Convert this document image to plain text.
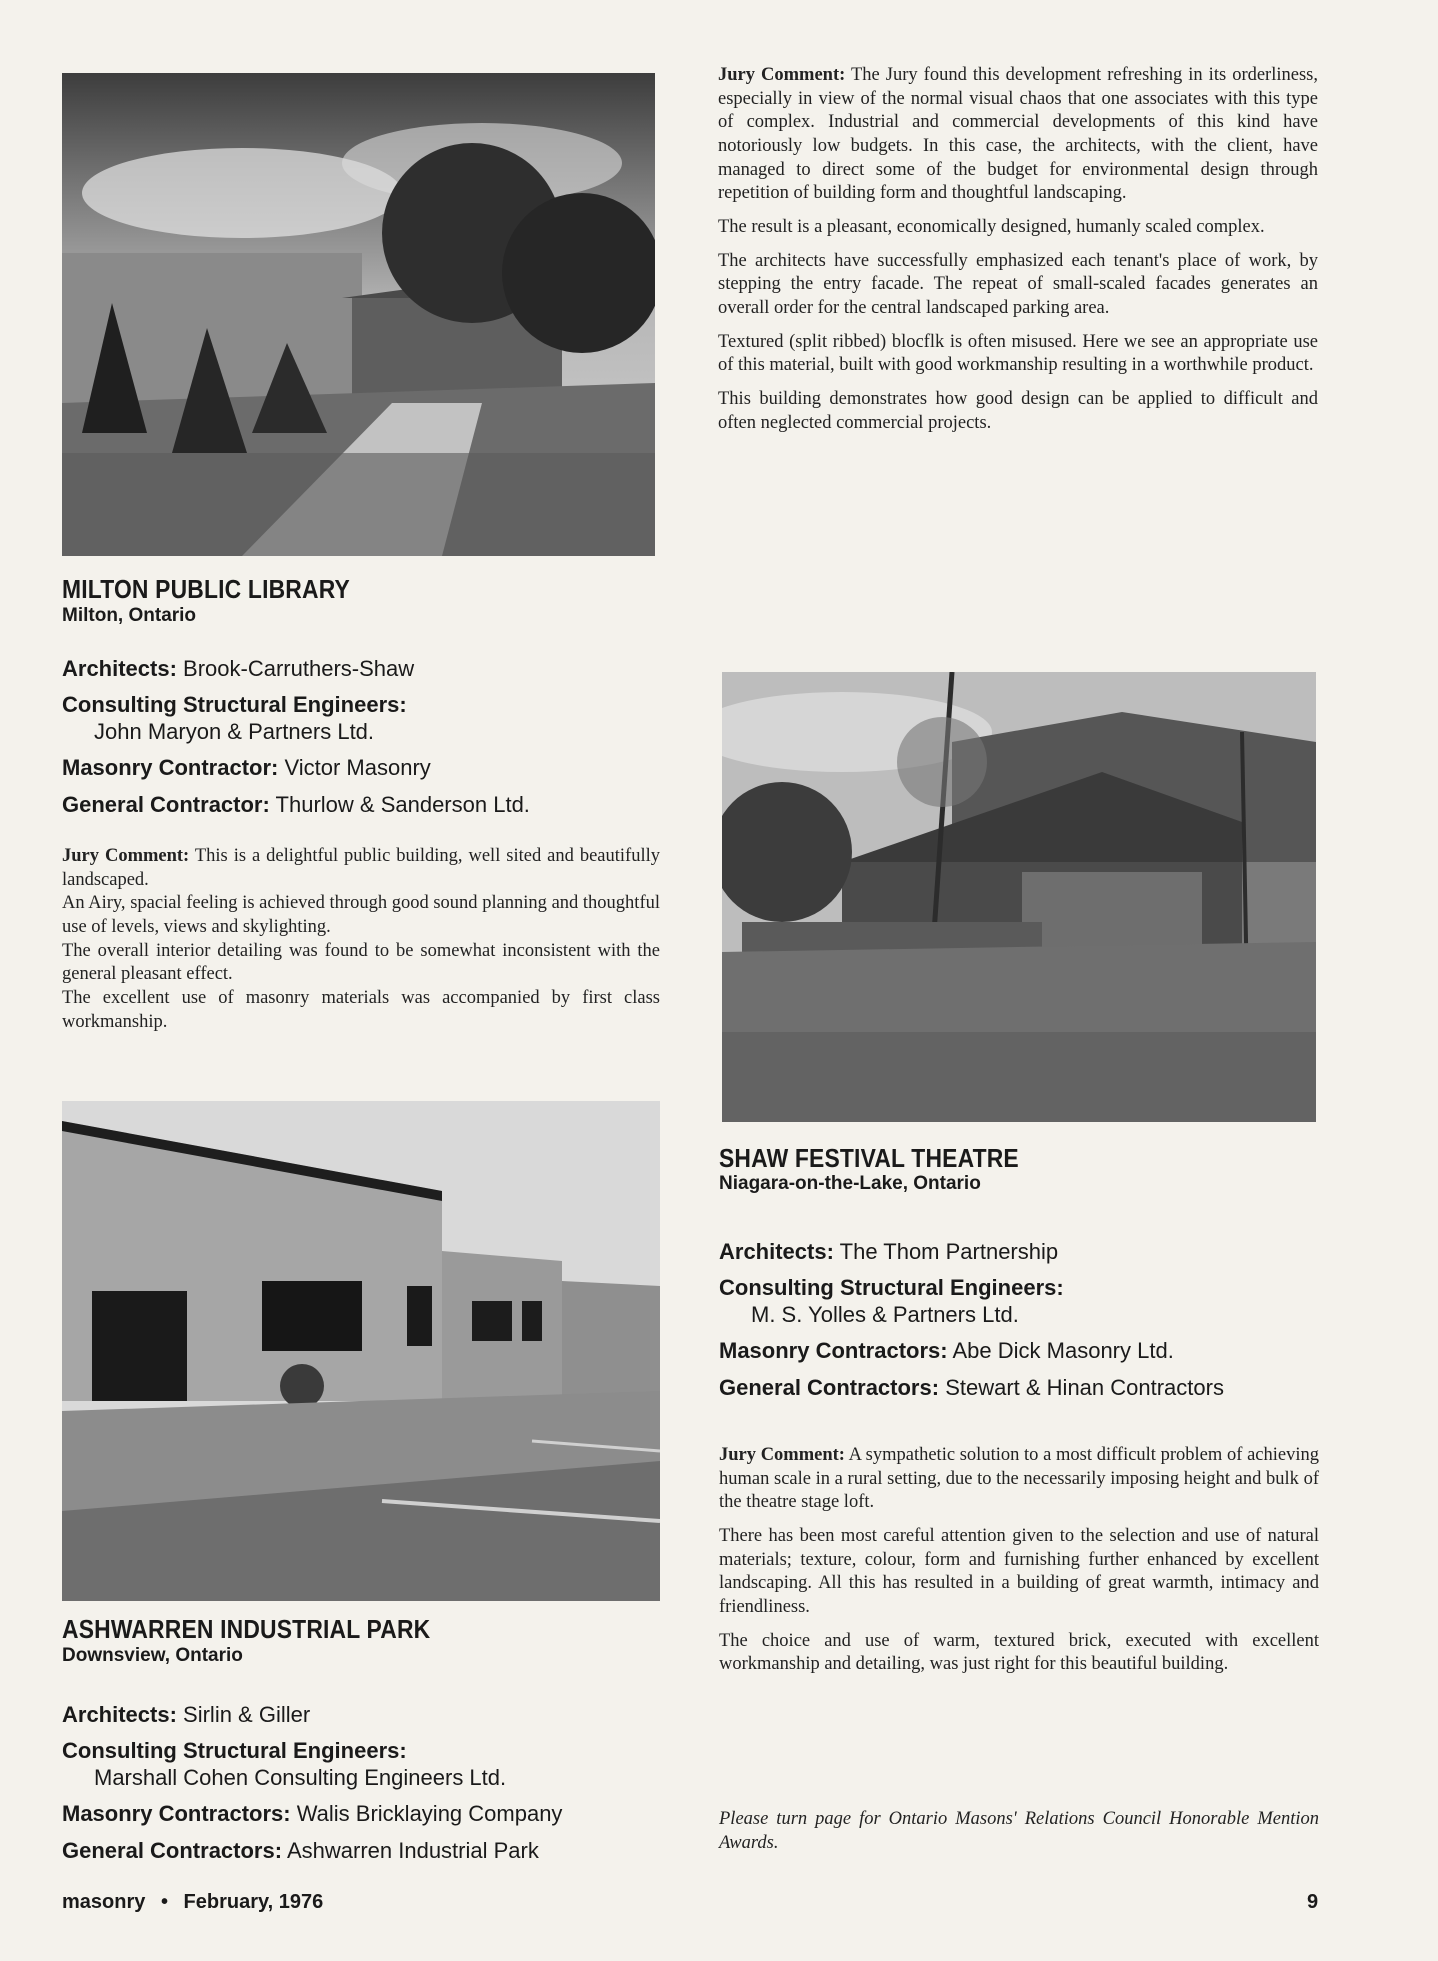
MILTON PUBLIC LIBRARY
Milton, Ontario
Architects: Brook-Carruthers-Shaw
Consulting Structural Engineers:
John Maryon & Partners Ltd.
Masonry Contractor: Victor Masonry
General Contractor: Thurlow & Sanderson Ltd.
Jury Comment: This is a delightful public building, well sited and beautifully landscaped.
An Airy, spacial feeling is achieved through good sound planning and thoughtful use of levels, views and skylighting.
The overall interior detailing was found to be somewhat inconsistent with the general pleasant effect.
The excellent use of masonry materials was accompanied by first class workmanship.
ASHWARREN INDUSTRIAL PARK
Downsview, Ontario
Architects: Sirlin & Giller
Consulting Structural Engineers:
Marshall Cohen Consulting Engineers Ltd.
Masonry Contractors: Walis Bricklaying Company
General Contractors: Ashwarren Industrial Park

Jury Comment: The Jury found this development refreshing in its orderliness, especially in view of the normal visual chaos that one associates with this type of complex. Industrial and commercial developments of this kind have notoriously low budgets. In this case, the architects, with the client, have managed to direct some of the budget for environmental design through repetition of building form and thoughtful landscaping.

The result is a pleasant, economically designed, humanly scaled complex.

The architects have successfully emphasized each tenant's place of work, by stepping the entry facade. The repeat of small-scaled facades generates an overall order for the central landscaped parking area.

Textured (split ribbed) blocflk is often misused. Here we see an appropriate use of this material, built with good workmanship resulting in a worthwhile product.

This building demonstrates how good design can be applied to difficult and often neglected commercial projects.

SHAW FESTIVAL THEATRE
Niagara-on-the-Lake, Ontario
Architects: The Thom Partnership
Consulting Structural Engineers:
M. S. Yolles & Partners Ltd.
Masonry Contractors: Abe Dick Masonry Ltd.
General Contractors: Stewart & Hinan Contractors

Jury Comment: A sympathetic solution to a most difficult problem of achieving human scale in a rural setting, due to the necessarily imposing height and bulk of the theatre stage loft.

There has been most careful attention given to the selection and use of natural materials; texture, colour, form and furnishing further enhanced by excellent landscaping. All this has resulted in a building of great warmth, intimacy and friendliness.

The choice and use of warm, textured brick, executed with excellent workmanship and detailing, was just right for this beautiful building.

Please turn page for Ontario Masons' Relations Council Honorable Mention Awards.
masonry • February, 1976	9
